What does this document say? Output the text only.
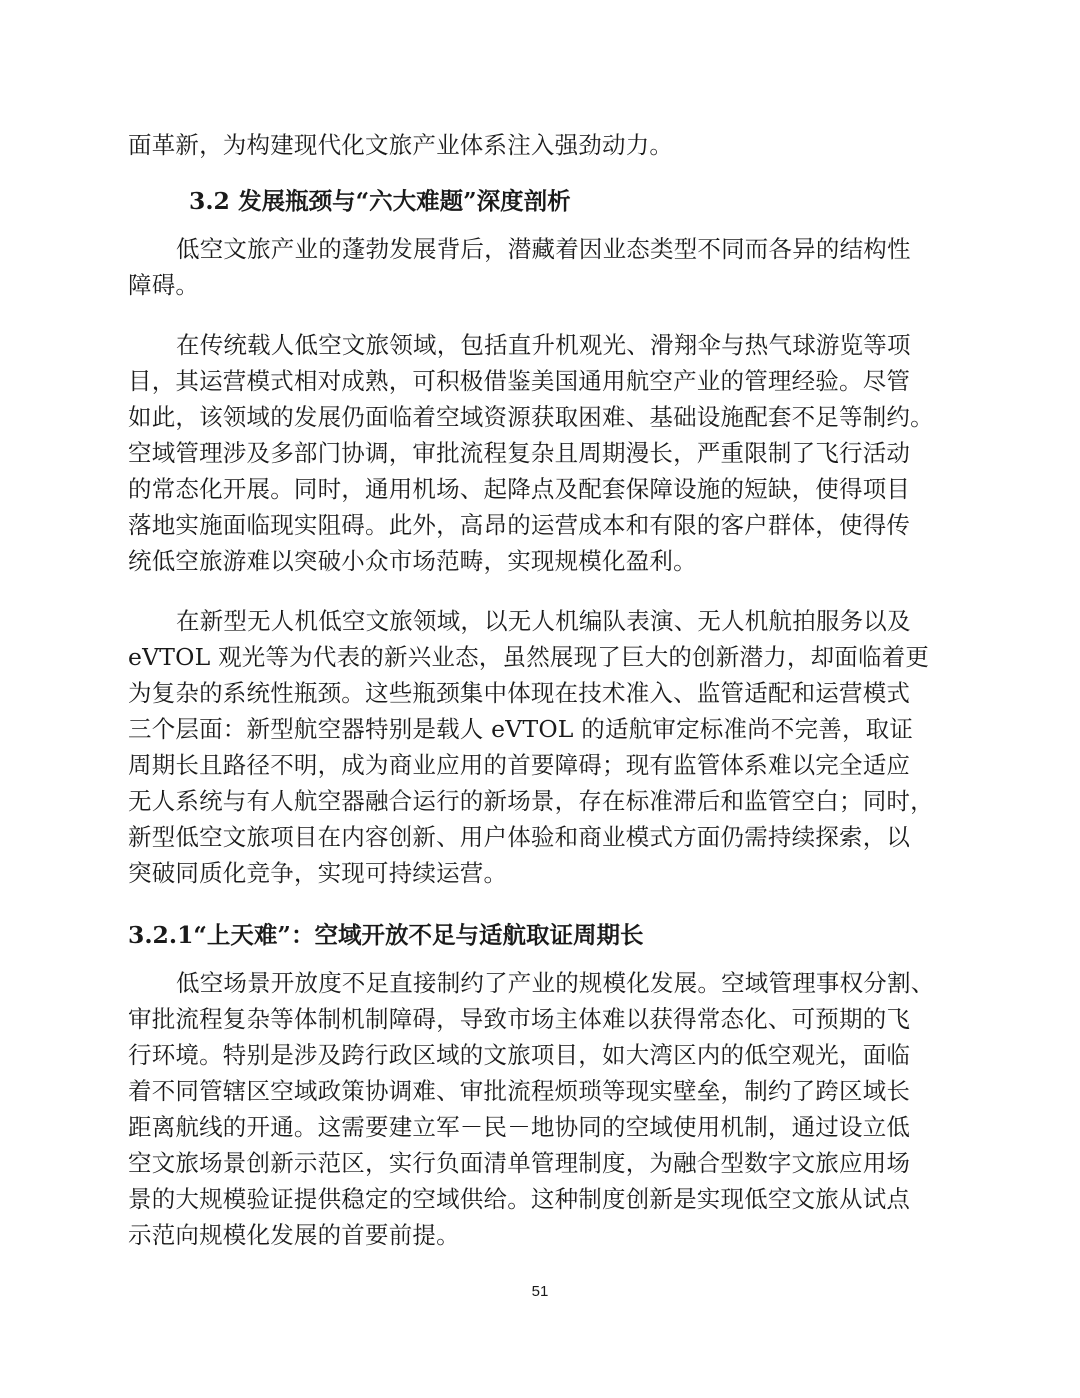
面革新，为构建现代化文旅产业体系注入强劲动力。
3.2 发展瓶颈与“六大难题”深度剖析
低空文旅产业的蓬勃发展背后，潜藏着因业态类型不同而各异的结构性
障碍。
在传统载人低空文旅领域，包括直升机观光、滑翔伞与热气球游览等项
目，其运营模式相对成熟，可积极借鉴美国通用航空产业的管理经验。尽管
如此，该领域的发展仍面临着空域资源获取困难、基础设施配套不足等制约。
空域管理涉及多部门协调，审批流程复杂且周期漫长，严重限制了飞行活动
的常态化开展。同时，通用机场、起降点及配套保障设施的短缺，使得项目
落地实施面临现实阻碍。此外，高昂的运营成本和有限的客户群体，使得传
统低空旅游难以突破小众市场范畴，实现规模化盈利。
在新型无人机低空文旅领域，以无人机编队表演、无人机航拍服务以及
eVTOL 观光等为代表的新兴业态，虽然展现了巨大的创新潜力，却面临着更
为复杂的系统性瓶颈。这些瓶颈集中体现在技术准入、监管适配和运营模式
三个层面：新型航空器特别是载人 eVTOL 的适航审定标准尚不完善，取证
周期长且路径不明，成为商业应用的首要障碍；现有监管体系难以完全适应
无人系统与有人航空器融合运行的新场景，存在标准滞后和监管空白；同时，
新型低空文旅项目在内容创新、用户体验和商业模式方面仍需持续探索，以
突破同质化竞争，实现可持续运营。
3.2.1“上天难”：空域开放不足与适航取证周期长
低空场景开放度不足直接制约了产业的规模化发展。空域管理事权分割、
审批流程复杂等体制机制障碍，导致市场主体难以获得常态化、可预期的飞
行环境。特别是涉及跨行政区域的文旅项目，如大湾区内的低空观光，面临
着不同管辖区空域政策协调难、审批流程烦琐等现实壁垒，制约了跨区域长
距离航线的开通。这需要建立军－民－地协同的空域使用机制，通过设立低
空文旅场景创新示范区，实行负面清单管理制度，为融合型数字文旅应用场
景的大规模验证提供稳定的空域供给。这种制度创新是实现低空文旅从试点
示范向规模化发展的首要前提。
51
